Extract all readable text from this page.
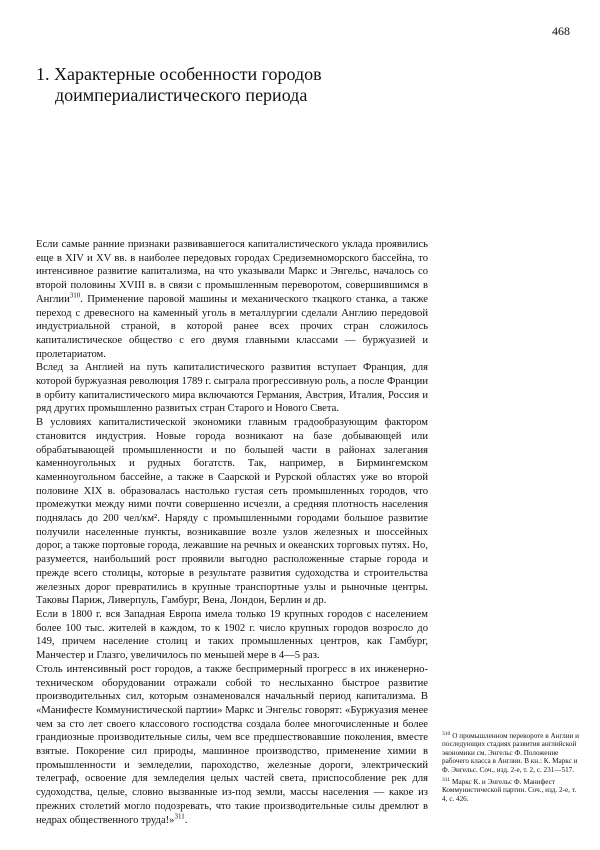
468
1. Характерные особенности городов
доимпериалистического периода

Если самые ранние признаки развивавшегося капиталистического уклада проявились еще в XIV и XV вв. в наиболее передовых городах Средиземноморского бассейна, то интенсивное развитие капитализма, на что указывали Маркс и Энгельс, началось со второй половины XVIII в. в связи с промышленным переворотом, совершившимся в Англии$^{310}$. Применение паровой машины и механического ткацкого станка, а также переход с древесного на каменный уголь в металлургии сделали Англию передовой индустриальной страной, в которой ранее всех прочих стран сложилось капиталистическое общество с его двумя главными классами — буржуазией и пролетариатом.

Вслед за Англией на путь капиталистического развития вступает Франция, для которой буржуазная революция 1789 г. сыграла прогрессивную роль, а после Франции в орбиту капиталистического мира включаются Германия, Австрия, Италия, Россия и ряд других промышленно развитых стран Старого и Нового Света.

В условиях капиталистической экономики главным градообразующим фактором становится индустрия. Новые города возникают на базе добывающей или обрабатывающей промышленности и по большей части в районах залегания каменноугольных и рудных богатств. Так, например, в Бирмингемском каменноугольном бассейне, а также в Саарской и Рурской областях уже во второй половине XIX в. образовалась настолько густая сеть промышленных городов, что промежутки между ними почти совершенно исчезли, а средняя плотность населения поднялась до 200 чел/км². Наряду с промышленными городами большое развитие получили населенные пункты, возникавшие возле узлов железных и шоссейных дорог, а также портовые города, лежавшие на речных и океанских торговых путях. Но, разумеется, наибольший рост проявили выгодно расположенные старые города и прежде всего столицы, которые в результате развития судоходства и строительства железных дорог превратились в крупные транспортные узлы и рыночные центры. Таковы Париж, Ливерпуль, Гамбург, Вена, Лондон, Берлин и др.

Если в 1800 г. вся Западная Европа имела только 19 крупных городов с населением более 100 тыс. жителей в каждом, то к 1902 г. число крупных городов возросло до 149, причем население столиц и таких промышленных центров, как Гамбург, Манчестер и Глазго, увеличилось по меньшей мере в 4—5 раз.

Столь интенсивный рост городов, а также беспримерный прогресс в их инженерно-техническом оборудовании отражали собой то неслыханно быстрое развитие производительных сил, которым ознаменовался начальный период капитализма. В «Манифесте Коммунистической партии» Маркс и Энгельс говорят: «Буржуазия менее чем за сто лет своего классового господства создала более многочисленные и более грандиозные производительные силы, чем все предшествовавшие поколения, вместе взятые. Покорение сил природы, машинное производство, применение химии в промышленности и земледелии, пароходство, железные дороги, электрический телеграф, освоение для земледелия целых частей света, приспособление рек для судоходства, целые, словно вызванные из-под земли, массы населения — какое из прежних столетий могло подозревать, что такие производительные силы дремлют в недрах общественного труда!»$^{311}$.

$^{310}$ О промышленном перевороте в Англии и последующих стадиях развития английской экономики см. Энгельс Ф. Положение рабочего класса в Англии. В кн.: К. Маркс и Ф. Энгельс. Соч., изд. 2-е, т. 2, с. 231—517.

$^{311}$ Маркс К. и Энгельс Ф. Манифест Коммунистической партии. Соч., изд. 2-е, т. 4, с. 426.
